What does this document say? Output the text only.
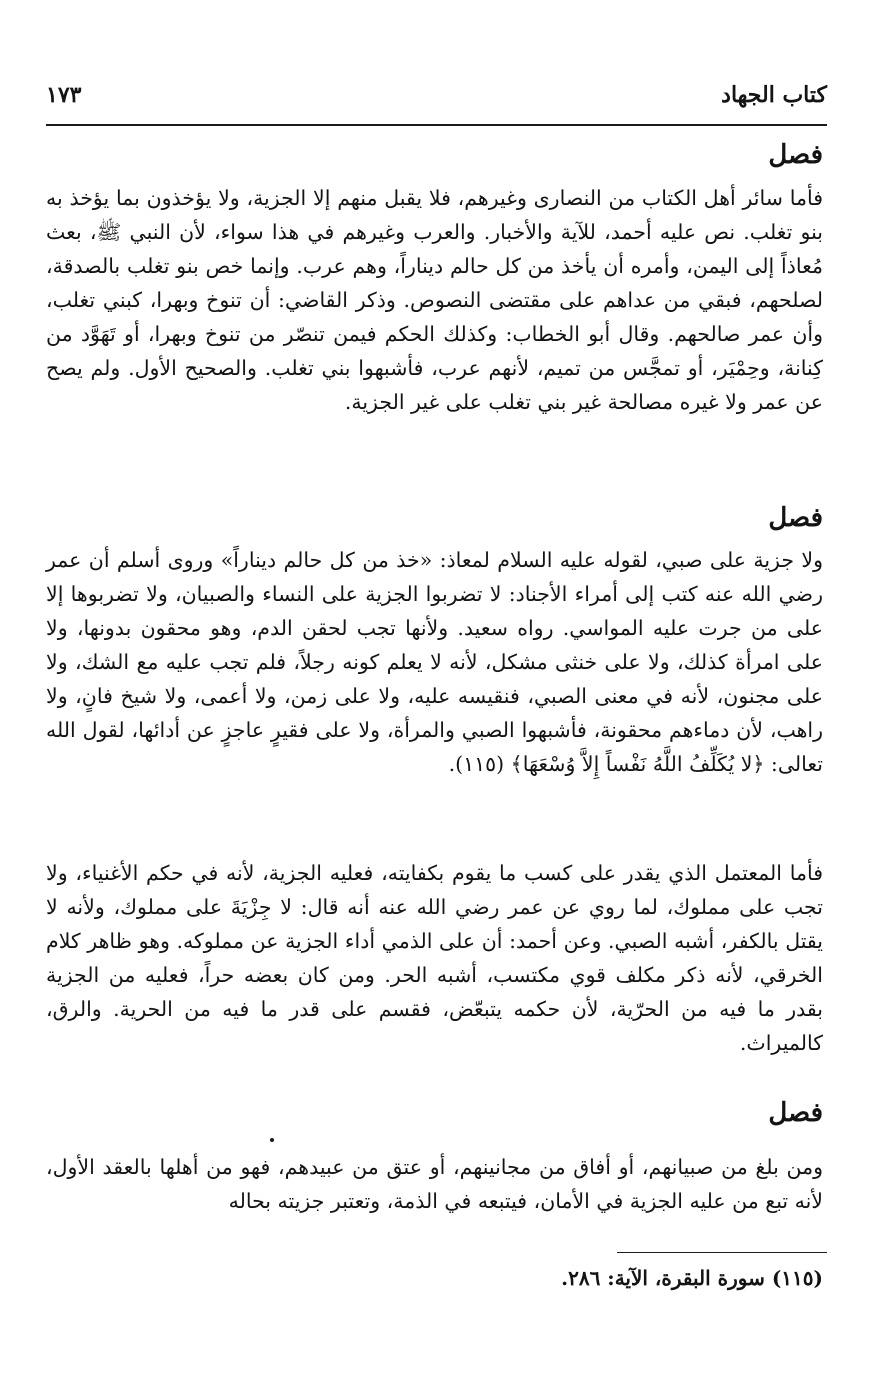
كتاب الجهاد
١٧٣
فصل

فأما سائر أهل الكتاب من النصارى وغيرهم، فلا يقبل منهم إلا الجزية، ولا يؤخذون بما يؤخذ به بنو تغلب. نص عليه أحمد، للآية والأخبار. والعرب وغيرهم في هذا سواء، لأن النبي ﷺ، بعث مُعاذاً إلى اليمن، وأمره أن يأخذ من كل حالم ديناراً، وهم عرب. وإنما خص بنو تغلب بالصدقة، لصلحهم، فبقي من عداهم على مقتضى النصوص. وذكر القاضي: أن تنوخ وبهرا، كبني تغلب، وأن عمر صالحهم. وقال أبو الخطاب: وكذلك الحكم فيمن تنصّر من تنوخ وبهرا، أو تَهَوَّد من كِنانة، وحِمْيَر، أو تمجَّس من تميم، لأنهم عرب، فأشبهوا بني تغلب. والصحيح الأول. ولم يصح عن عمر ولا غيره مصالحة غير بني تغلب على غير الجزية.

فصل

ولا جزية على صبي، لقوله عليه السلام لمعاذ: «خذ من كل حالم ديناراً» وروى أسلم أن عمر رضي الله عنه كتب إلى أمراء الأجناد: لا تضربوا الجزية على النساء والصبيان، ولا تضربوها إلا على من جرت عليه المواسي. رواه سعيد. ولأنها تجب لحقن الدم، وهو محقون بدونها، ولا على امرأة كذلك، ولا على خنثى مشكل، لأنه لا يعلم كونه رجلاً، فلم تجب عليه مع الشك، ولا على مجنون، لأنه في معنى الصبي، فنقيسه عليه، ولا على زمن، ولا أعمى، ولا شيخ فانٍ، ولا راهب، لأن دماءهم محقونة، فأشبهوا الصبي والمرأة، ولا على فقيرٍ عاجزٍ عن أدائها، لقول الله تعالى: ﴿لا يُكَلِّفُ اللَّهُ نَفْساً إِلاَّ وُسْعَهَا﴾ (١١٥).

فأما المعتمل الذي يقدر على كسب ما يقوم بكفايته، فعليه الجزية، لأنه في حكم الأغنياء، ولا تجب على مملوك، لما روي عن عمر رضي الله عنه أنه قال: لا جِزْيَةَ على مملوك، ولأنه لا يقتل بالكفر، أشبه الصبي. وعن أحمد: أن على الذمي أداء الجزية عن مملوكه. وهو ظاهر كلام الخرقي، لأنه ذكر مكلف قوي مكتسب، أشبه الحر. ومن كان بعضه حراً، فعليه من الجزية بقدر ما فيه من الحرّية، لأن حكمه يتبعّض، فقسم على قدر ما فيه من الحرية. والرق، كالميراث.

فصل

ومن بلغ من صبيانهم، أو أفاق من مجانينهم، أو عتق من عبيدهم، فهو من أهلها بالعقد الأول، لأنه تبع من عليه الجزية في الأمان، فيتبعه في الذمة، وتعتبر جزيته بحاله

(١١٥) سورة البقرة، الآية: ٢٨٦.
